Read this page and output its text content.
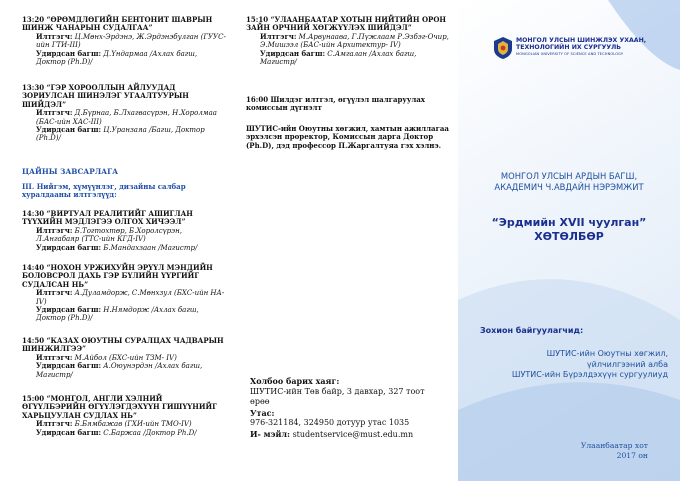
13:20 “ӨРӨМДЛӨГИЙН БЕНТОНИТ ШАВРЫН ШИНЖ ЧАНАРЫН СУДАЛГАА”
Илтгэгч: Ц.Мөнх-Эрдэнэ, Ж.Эрдэнэбулган (ГУУС-ийн ГТИ-III)
Удирдсан багш: Д.Үндармаа /Ахлах багш, Доктор (Ph.D)/
13:30 “ГЭР ХОРООЛЛЫН АЙЛУУДАД ЗОРИУЛСАН ШИНЭЛЭГ УГААЛТУУРЫН ШИЙДЭЛ”
Илтгэгч: Д.Бүрнаа, Б.Лхагвасүрэн, Н.Хоролмаа (БАС-ийн ХАС-III)
Удирдсан багш: Ц.Уранзаяа /Багш, Доктор (Ph.D)/
ЦАЙНЫ ЗАВСАРЛАГА
III. Нийгэм, хүмүүнлэг, дизайны салбар
хуралдааны илтгэлүүд:
14:30 “ВИРТУАЛ РЕАЛИТИЙГ АШИГЛАН ТҮҮХИЙН МЭДЛЭГЭЭ ОЛГОХ ХИЧЭЭЛ”
Илтгэгч: Б.Тогтохтөр, Б.Хоролсүрэн, Л.Ангабаяр (ТТС-ийн КГД-IV)
Удирдсан багш: Б.Мандахзаан /Магистр/
14:40 “НОХОН УРЖИХУЙН ЭРҮҮЛ МЭНДИЙН БОЛОВСРОЛ ДАХЬ ГЭР БҮЛИЙН ҮҮРГИЙГ СУДАЛСАН НЬ”
Илтгэгч: А.Дуламдорж, С.Мөнхзул (БХС-ийн НА- IV)
Удирдсан багш: Н.Нямдорж /Ахлах багш, Доктор (Ph.D)/
14:50 “КАЗАХ ОЮУТНЫ СУРАЛЦАХ ЧАДВАРЫН ШИНЖИЛГЭЭ”
Илтгэгч: М.Айбол (БХС-ийн ТЗМ- IV)
Удирдсан багш: А.Оюунэрдэн /Ахлах багш, Магистр/
15:00 “МОНГОЛ, АНГЛИ ХЭЛНИЙ ӨГҮҮЛБЭРИЙН ӨГҮҮЛЭГДЭХҮҮН ГИШҮҮНИЙГ ХАРЬЦУУЛАН СУДЛАХ НЬ”
Илтгэгч: Б.Бямбажав (ГХИ-ийн ТМО-IV)
Удирдсан багш: С.Баржаа /Доктор Ph.D/
15:10 “УЛААНБААТАР ХОТЫН НИЙТИЙН ОРОН ЗАЙН ОРЧНИЙ ХӨГЖҮҮЛЭХ ШИЙДЭЛ”
Илтгэгч: М.Арвунаава, Г.Пүжлаам Р.Эзбэг-Очир, Э.Мишээл (БАС-ийн Архитектур- IV)
Удирдсан багш: С.Амгалан /Ахлах багш, Магистр/
16:00 Шилдэг илтгэл, өгүүлэл шалгаруулах комиссын дүгнэлт
ШУТИС-ийн Оюутны хөгжил, хамтын ажиллагаа эрхэлсэн проректор, Комиссын дарга Доктор (Ph.D), дэд профессор П.Жаргалтуяа гэх хэлнэ.
Холбоо барих хаяг:
ШУТИС-ийн Төв байр, 3 давхар, 327 тоот өрөө
Утас:
976-321184, 324950 дотуур утас 1035
И- мэйл: studentservice@must.edu.mn
МОНГОЛ УЛСЫН ШИНЖЛЭХ УХААН,
ТЕХНОЛОГИЙН ИХ СУРГУУЛЬ
MONGOLIAN UNIVERSITY OF SCIENCE AND TECHNOLOGY
МОНГОЛ УЛСЫН АРДЫН БАГШ,
АКАДЕМИЧ Ч.АВДАЙН НЭРЭМЖИТ
“Эрдмийн XVII чуулган”
ХӨТӨЛБӨР
Зохион байгуулагчид:
ШУТИС-ийн Оюутны хөгжил,
үйлчилгээний алба
ШУТИС-ийн Бүрэлдэхүүн сургуулиуд
Улаанбаатар хот
2017 он
